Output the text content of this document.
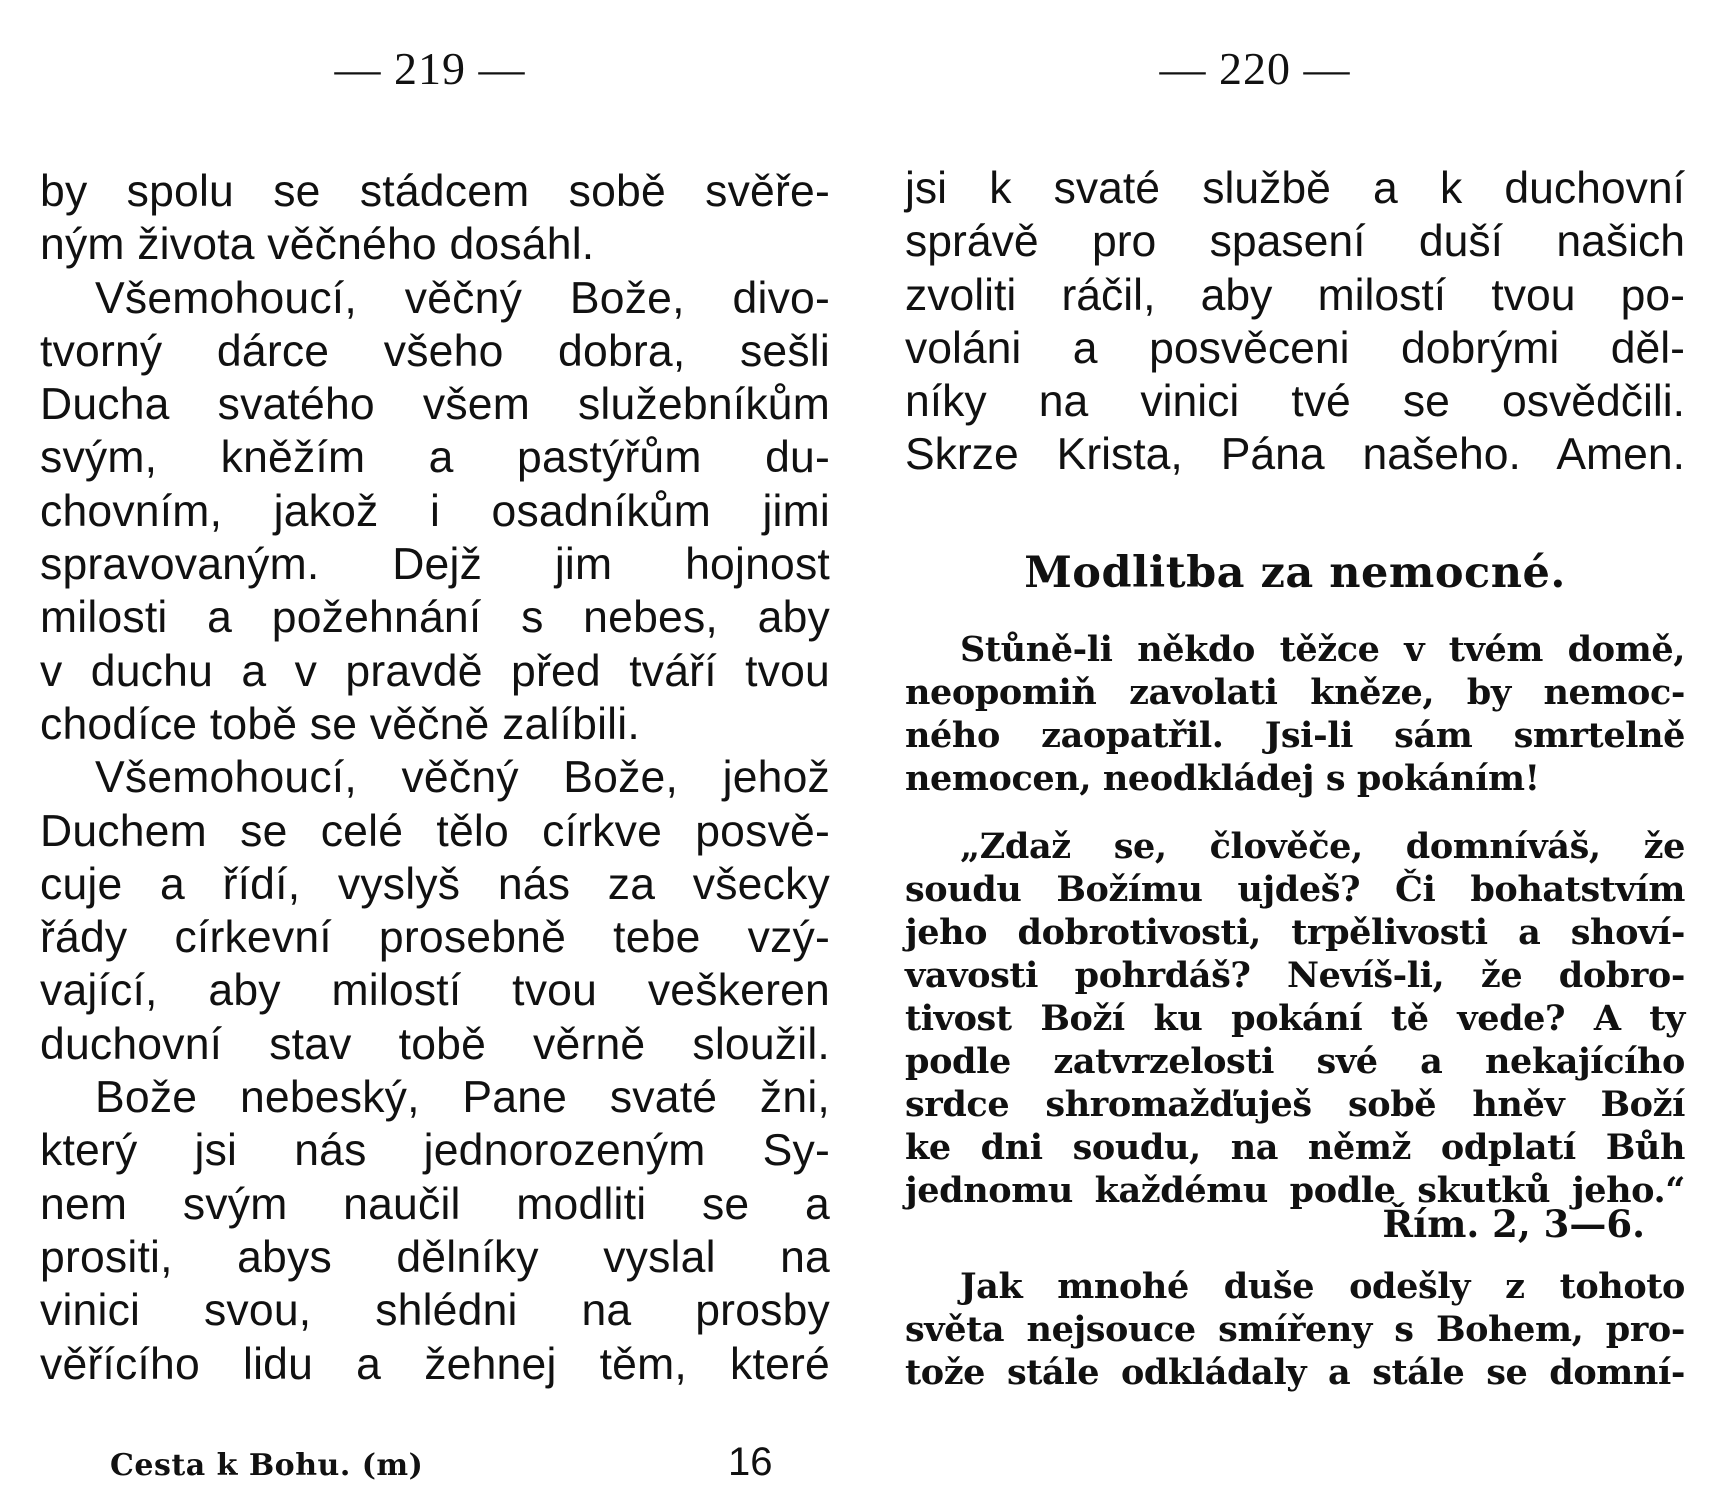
— 219 —
by spolu se stádcem sobě svěře-
ným života věčného dosáhl.
Všemohoucí, věčný Bože, divo-
tvorný dárce všeho dobra, sešli
Ducha svatého všem služebníkům
svým, kněžím a pastýřům du-
chovním, jakož i osadníkům jimi
spravovaným. Dejž jim hojnost
milosti a požehnání s nebes, aby
v duchu a v pravdě před tváří tvou
chodíce tobě se věčně zalíbili.
Všemohoucí, věčný Bože, jehož
Duchem se celé tělo církve posvě-
cuje a řídí, vyslyš nás za všecky
řády církevní prosebně tebe vzý-
vající, aby milostí tvou veškeren
duchovní stav tobě věrně sloužil.
Bože nebeský, Pane svaté žni,
který jsi nás jednorozeným Sy-
nem svým naučil modliti se a
prositi, abys dělníky vyslal na
vinici svou, shlédni na prosby
věřícího lidu a žehnej těm, které
Cesta k Bohu. (m)	16
— 220 —
jsi k svaté službě a k duchovní
správě pro spasení duší našich
zvoliti ráčil, aby milostí tvou po-
voláni a posvěceni dobrými děl-
níky na vinici tvé se osvědčili.
Skrze Krista, Pána našeho. Amen.
Modlitba za nemocné.
Stůně-li někdo těžce v tvém domě,
neopomiň zavolati kněze, by nemoc-
ného zaopatřil. Jsi-li sám smrtelně
nemocen, neodkládej s pokáním!
„Zdaž se, člověče, domníváš, že
soudu Božímu ujdeš? Či bohatstvím
jeho dobrotivosti, trpělivosti a shoví-
vavosti pohrdáš? Nevíš-li, že dobro-
tivost Boží ku pokání tě vede? A ty
podle zatvrzelosti své a nekajícího
srdce shromažďuješ sobě hněv Boží
ke dni soudu, na němž odplatí Bůh
jednomu každému podle skutků jeho.“
Řím. 2, 3—6.
Jak mnohé duše odešly z tohoto
světa nejsouce smířeny s Bohem, pro-
tože stále odkládaly a stále se domní-
